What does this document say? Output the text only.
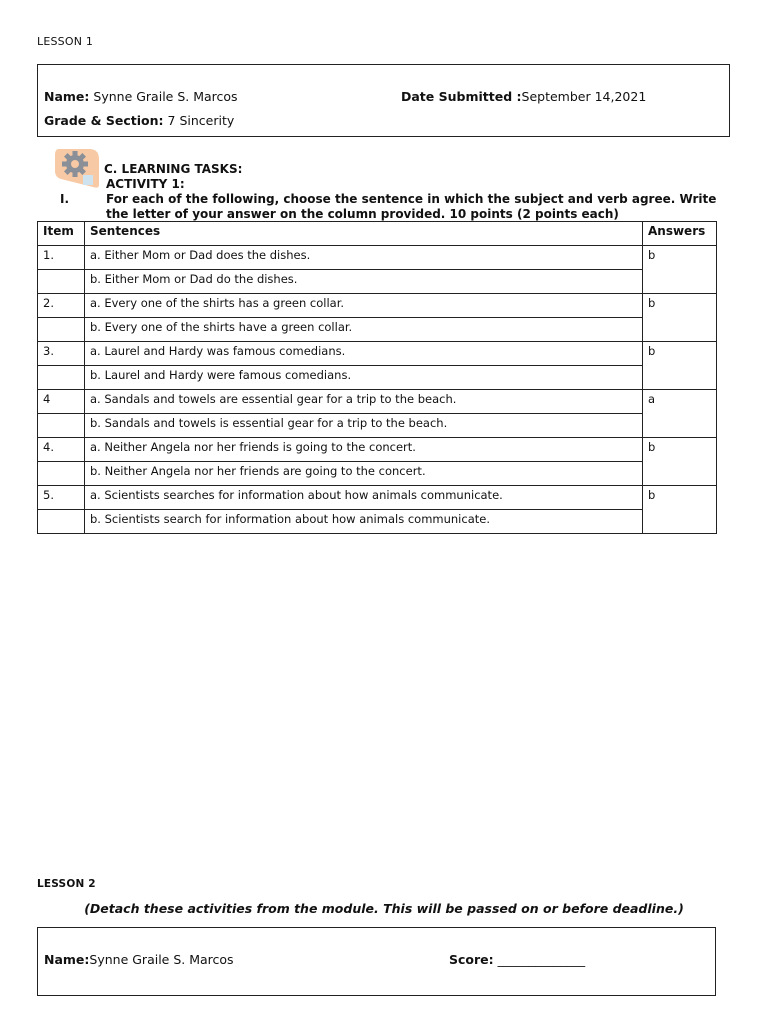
LESSON 1
Name: Synne Graile S. Marcos	Date Submitted :September 14,2021
Grade & Section: 7 Sincerity
C. LEARNING TASKS:
ACTIVITY 1:
I.	For each of the following, choose the sentence in which the subject and verb agree. Write
the letter of your answer on the column provided. 10 points (2 points each)
Item	Sentences	Answers
1.	a. Either Mom or Dad does the dishes.	b
	b. Either Mom or Dad do the dishes.	
2.	a. Every one of the shirts has a green collar.	b
	b. Every one of the shirts have a green collar.	
3.	a. Laurel and Hardy was famous comedians.	b
	b. Laurel and Hardy were famous comedians.	
4	a. Sandals and towels are essential gear for a trip to the beach.	a
	b. Sandals and towels is essential gear for a trip to the beach.	
4.	a. Neither Angela nor her friends is going to the concert.	b
	b. Neither Angela nor her friends are going to the concert.	
5.	a. Scientists searches for information about how animals communicate.	b
	b. Scientists search for information about how animals communicate.	
LESSON 2
(Detach these activities from the module. This will be passed on or before deadline.)
Name:Synne Graile S. Marcos	Score: ______________
